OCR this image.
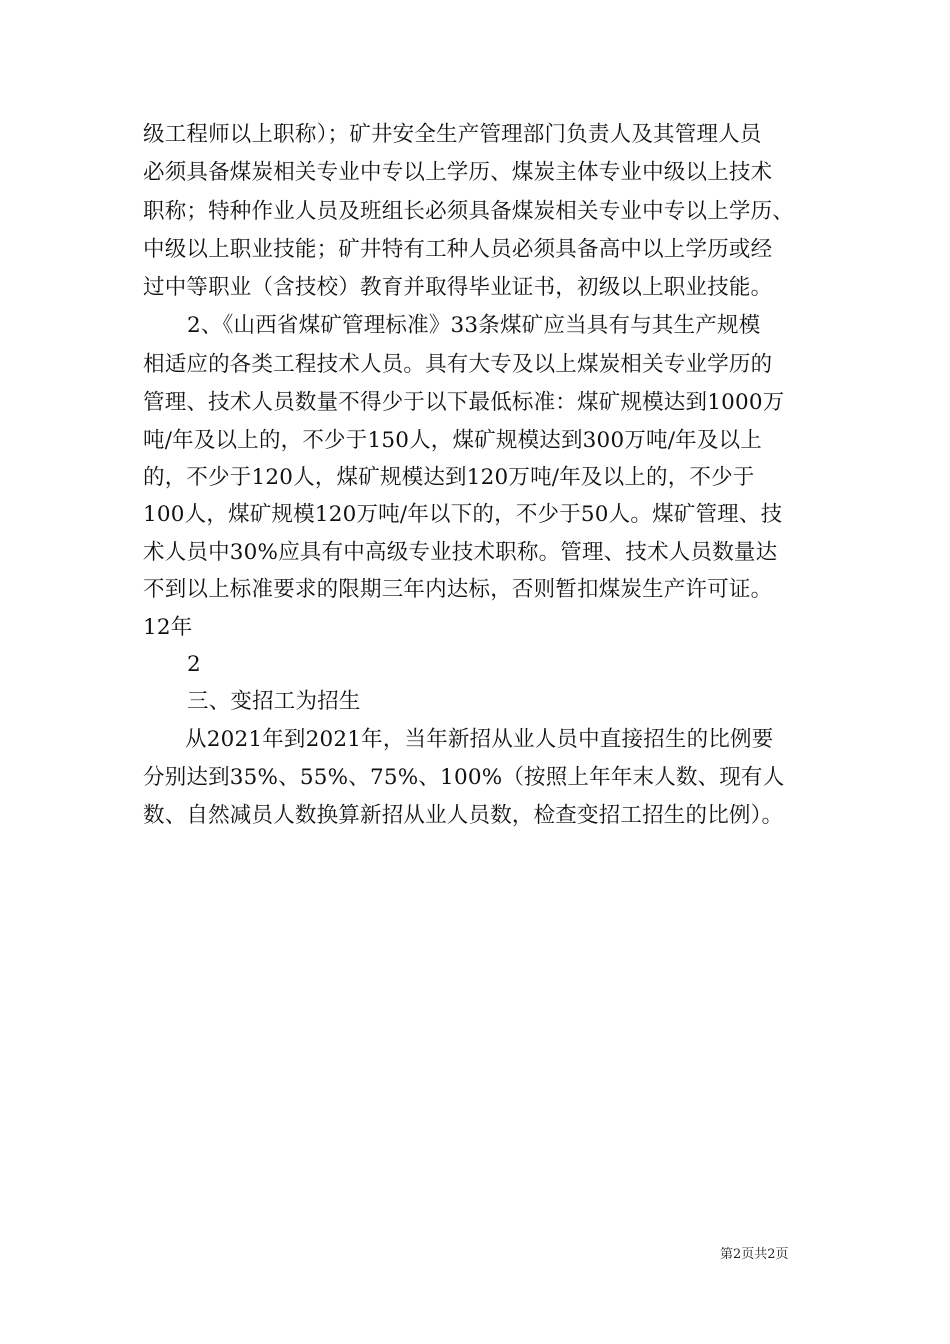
级工程师以上职称）；矿井安全生产管理部门负责人及其管理人员
必须具备煤炭相关专业中专以上学历、煤炭主体专业中级以上技术
职称；特种作业人员及班组长必须具备煤炭相关专业中专以上学历、
中级以上职业技能；矿井特有工种人员必须具备高中以上学历或经
过中等职业（含技校）教育并取得毕业证书，初级以上职业技能。
2、《山西省煤矿管理标准》33条煤矿应当具有与其生产规模
相适应的各类工程技术人员。具有大专及以上煤炭相关专业学历的
管理、技术人员数量不得少于以下最低标准：煤矿规模达到1000万
吨/年及以上的，不少于150人，煤矿规模达到300万吨/年及以上
的，不少于120人，煤矿规模达到120万吨/年及以上的，不少于
100人，煤矿规模120万吨/年以下的，不少于50人。煤矿管理、技
术人员中30%应具有中高级专业技术职称。管理、技术人员数量达
不到以上标准要求的限期三年内达标，否则暂扣煤炭生产许可证。
12年
2
三、变招工为招生
从2021年到2021年，当年新招从业人员中直接招生的比例要
分别达到35%、55%、75%、100%（按照上年年末人数、现有人
数、自然减员人数换算新招从业人员数，检查变招工招生的比例）。
第2页共2页
